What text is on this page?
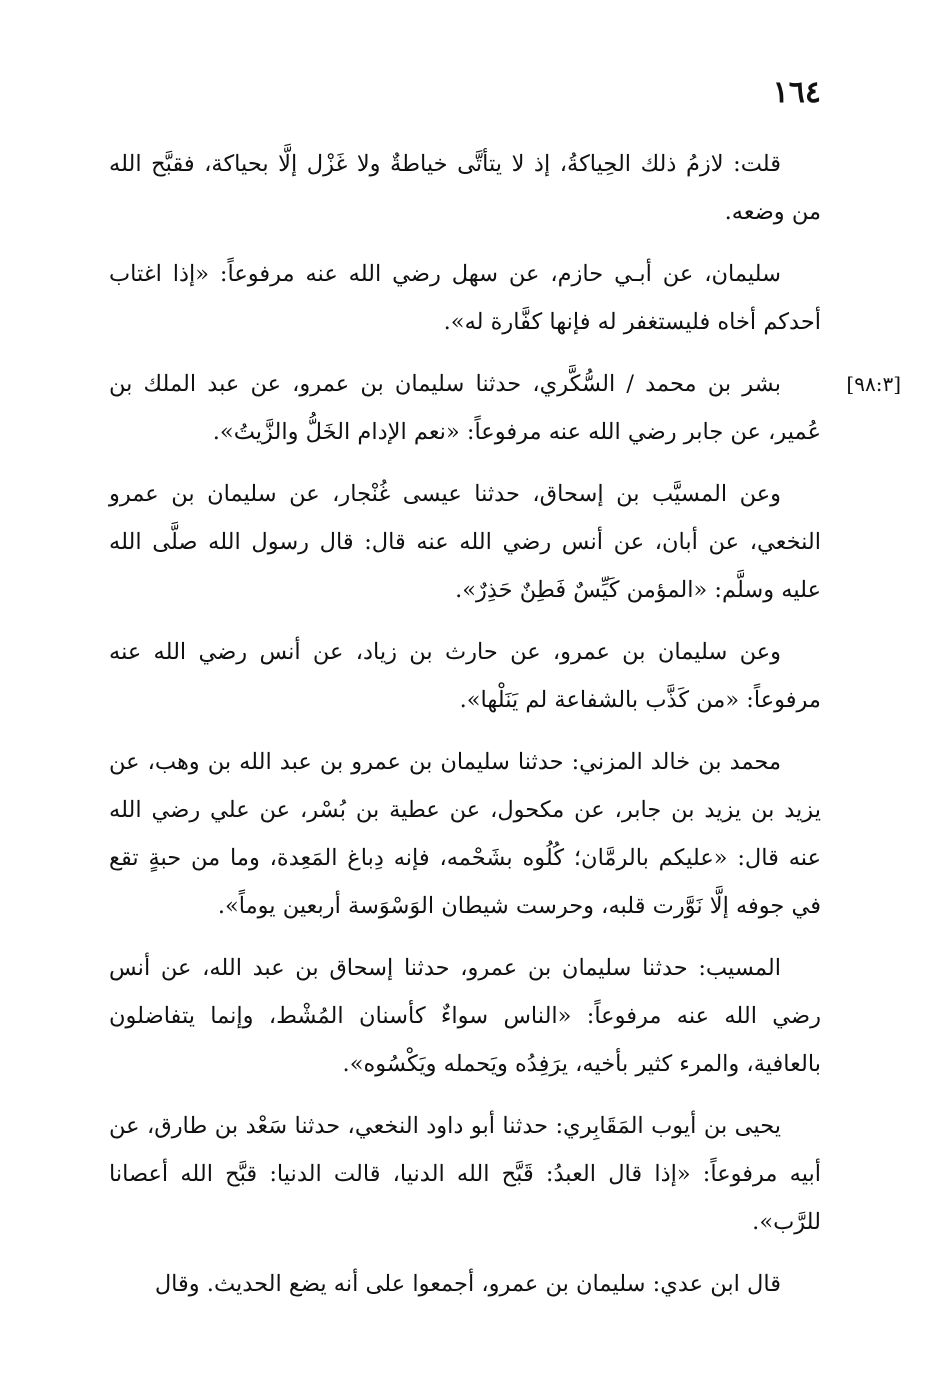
١٦٤

قلت: لازمُ ذلك الحِياكةُ، إذ لا يتأتَّى خياطةٌ ولا غَزْل إلَّا بحياكة، فقبَّح الله من وضعه.

سليمان، عن أبـي حازم، عن سهل رضي الله عنه مرفوعاً: «إذا اغتاب أحدكم أخاه فليستغفر له فإنها كفَّارة له».

[٩٨:٣]
بشر بن محمد / السُّكَّري، حدثنا سليمان بن عمرو، عن عبد الملك بن عُمير، عن جابر رضي الله عنه مرفوعاً: «نعم الإدام الخَلُّ والزَّيتُ».

وعن المسيَّب بن إسحاق، حدثنا عيسى غُنْجار، عن سليمان بن عمرو النخعي، عن أبان، عن أنس رضي الله عنه قال: قال رسول الله صلَّى الله عليه وسلَّم: «المؤمن كَيِّسٌ فَطِنٌ حَذِرٌ».

وعن سليمان بن عمرو، عن حارث بن زياد، عن أنس رضي الله عنه مرفوعاً: «من كَذَّب بالشفاعة لم يَنَلْها».

محمد بن خالد المزني: حدثنا سليمان بن عمرو بن عبد الله بن وهب، عن يزيد بن يزيد بن جابر، عن مكحول، عن عطية بن بُسْر، عن علي رضي الله عنه قال: «عليكم بالرمَّان؛ كُلُوه بشَحْمه، فإنه دِباغ المَعِدة، وما من حبةٍ تقع في جوفه إلَّا نَوَّرت قلبه، وحرست شيطان الوَسْوَسة أربعين يوماً».

المسيب: حدثنا سليمان بن عمرو، حدثنا إسحاق بن عبد الله، عن أنس رضي الله عنه مرفوعاً: «الناس سواءٌ كأسنان المُشْط، وإنما يتفاضلون بالعافية، والمرء كثير بأخيه، يرَفِدُه ويَحمله ويَكْسُوه».

يحيى بن أيوب المَقَابِري: حدثنا أبو داود النخعي، حدثنا سَعْد بن طارق، عن أبيه مرفوعاً: «إذا قال العبدُ: قَبَّح الله الدنيا، قالت الدنيا: قبَّح الله أعصانا للرَّب».

قال ابن عدي: سليمان بن عمرو، أجمعوا على أنه يضع الحديث. وقال
